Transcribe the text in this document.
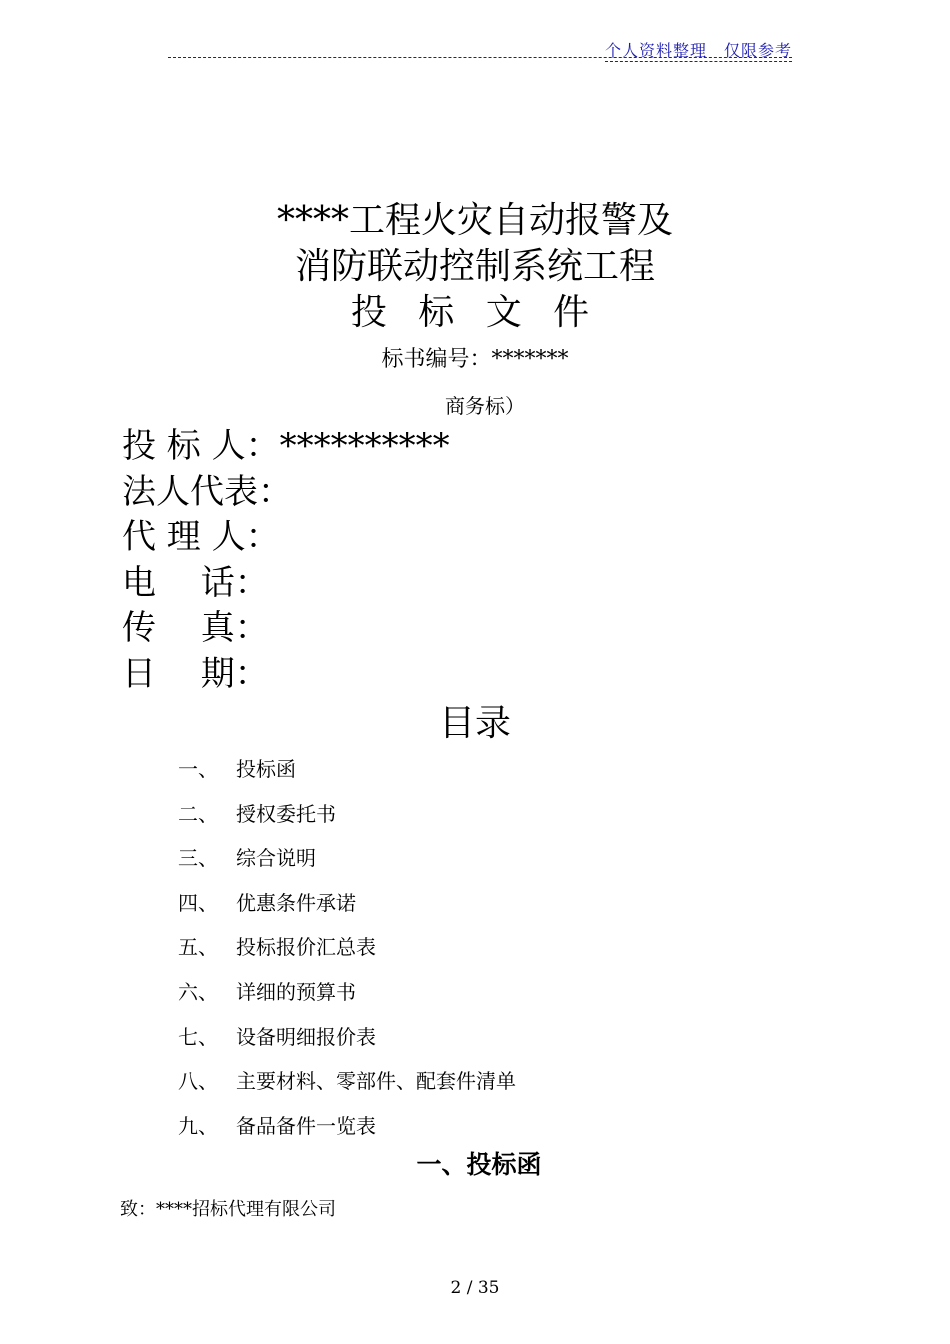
个人资料整理　仅限参考
****工程火灾自动报警及
消防联动控制系统工程
投 标 文 件
标书编号：*******
商务标）
投 标 人：**********
法人代表：
代 理 人：
电　 话：
传　 真：
日　 期：
目录
一、 投标函
二、 授权委托书
三、 综合说明
四、 优惠条件承诺
五、 投标报价汇总表
六、 详细的预算书
七、 设备明细报价表
八、 主要材料、零部件、配套件清单
九、 备品备件一览表
一、投标函
致：****招标代理有限公司
2 / 35
